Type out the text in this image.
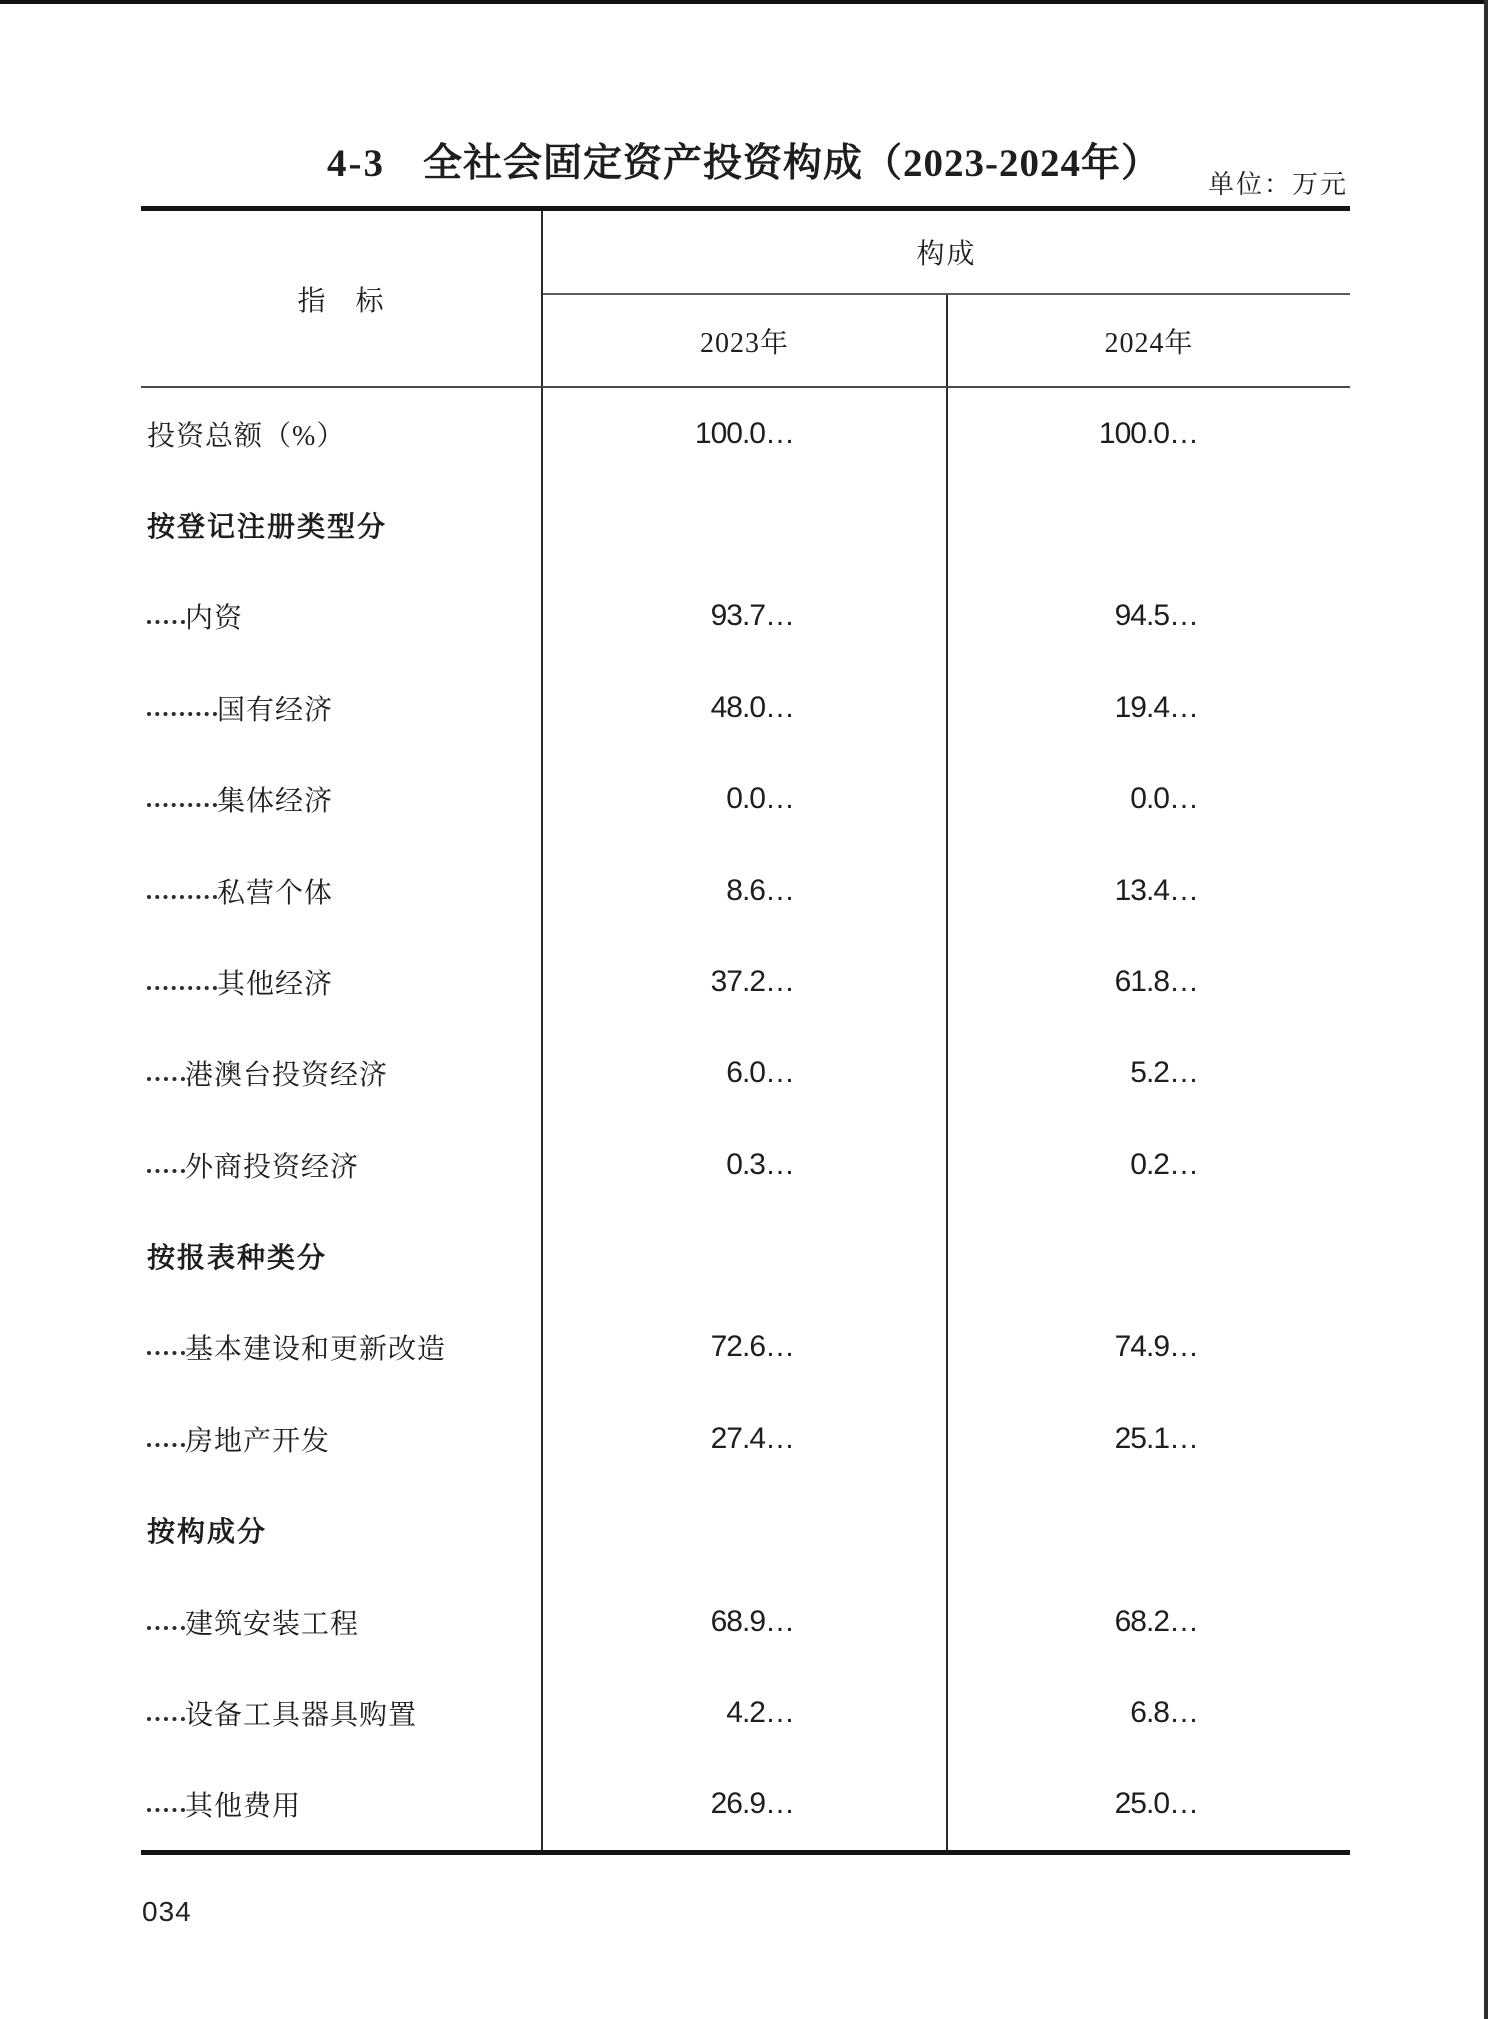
4-3 全社会固定资产投资构成（2023-2024年）	单位：万元
指　标
构成
2023年	2024年
投资总额（%）	100.0…	100.0…
按登记注册类型分
内资	93.7…	94.5…
国有经济	48.0…	19.4…
集体经济	0.0…	0.0…
私营个体	8.6…	13.4…
其他经济	37.2…	61.8…
港澳台投资经济	6.0…	5.2…
外商投资经济	0.3…	0.2…
按报表种类分
基本建设和更新改造	72.6…	74.9…
房地产开发	27.4…	25.1…
按构成分
建筑安装工程	68.9…	68.2…
设备工具器具购置	4.2…	6.8…
其他费用	26.9…	25.0…
034
